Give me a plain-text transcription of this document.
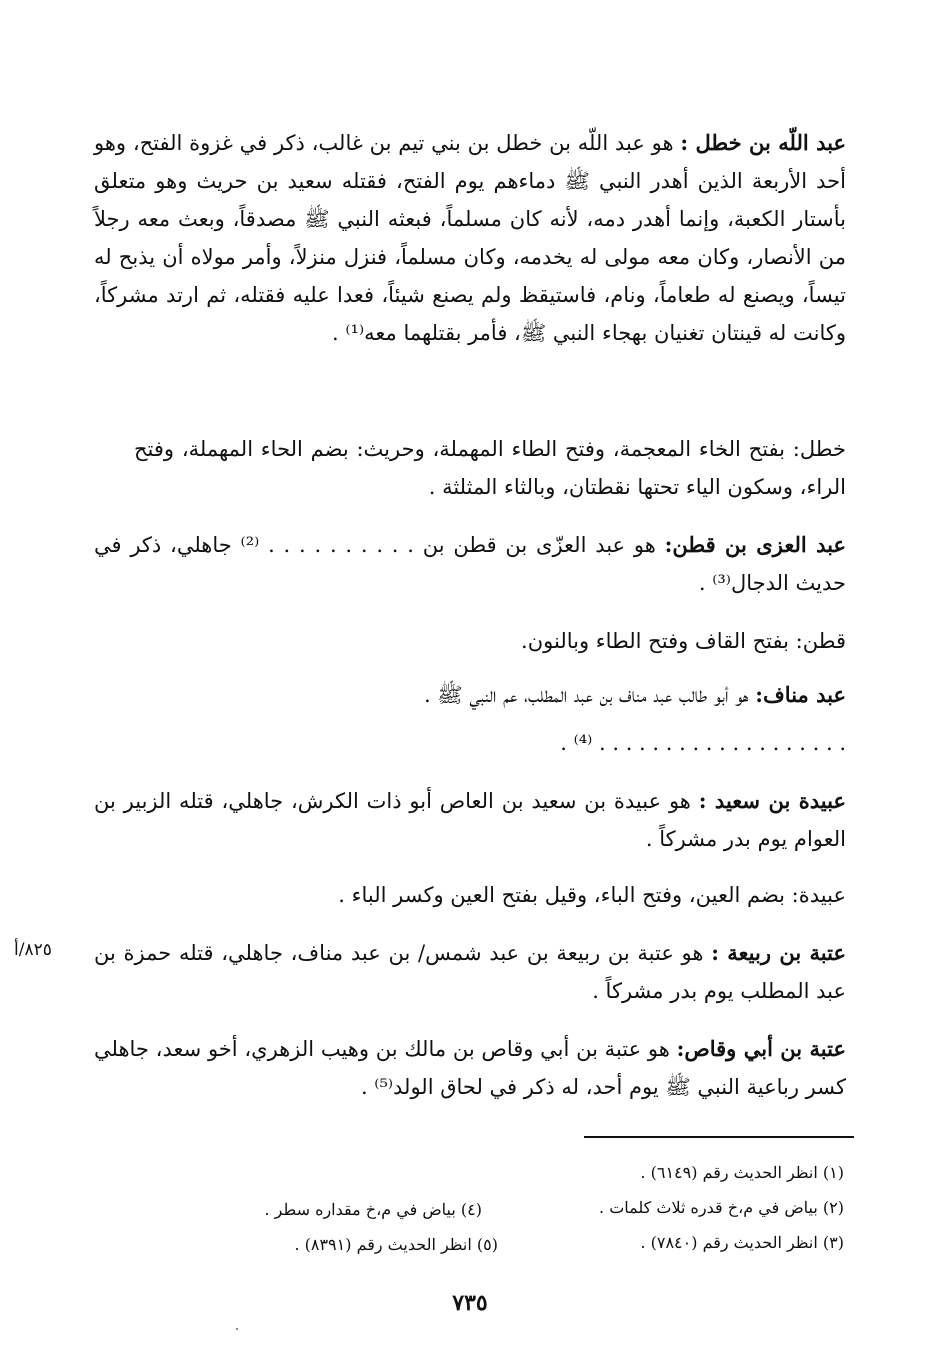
عبد اللّه بن خطل : هو عبد اللّه بن خطل بن بني تيم بن غالب، ذكر في غزوة الفتح، وهو أحد الأربعة الذين أهدر النبي ﷺ دماءهم يوم الفتح، فقتله سعيد بن حريث وهو متعلق بأستار الكعبة، وإنما أهدر دمه، لأنه كان مسلماً، فبعثه النبي ﷺ مصدقاً، وبعث معه رجلاً من الأنصار، وكان معه مولى له يخدمه، وكان مسلماً، فنزل منزلاً، وأمر مولاه أن يذبح له تيساً، ويصنع له طعاماً، ونام، فاستيقظ ولم يصنع شيئاً، فعدا عليه فقتله، ثم ارتد مشركاً، وكانت له قينتان تغنيان بهجاء النبي ﷺ، فأمر بقتلهما معه⁽¹⁾ .

خطل: بفتح الخاء المعجمة، وفتح الطاء المهملة، وحريث: بضم الحاء المهملة، وفتح الراء، وسكون الياء تحتها نقطتان، وبالثاء المثلثة .

عبد العزى بن قطن: هو عبد العزّى بن قطن بن . . . . . . . . . . ⁽²⁾ جاهلي، ذكر في حديث الدجال⁽³⁾ .

قطن: بفتح القاف وفتح الطاء وبالنون.

عبد مناف: هو أبو طالب عبد مناف بن عبد المطلب، عم النبي ﷺ .

. . . . . . . . . . . . . . . . . . . ⁽⁴⁾ .

عبيدة بن سعيد : هو عبيدة بن سعيد بن العاص أبو ذات الكرش، جاهلي، قتله الزبير بن العوام يوم بدر مشركاً .

عبيدة: بضم العين، وفتح الباء، وقيل بفتح العين وكسر الباء .

عتبة بن ربيعة : هو عتبة بن ربيعة بن عبد شمس/ بن عبد مناف، جاهلي، قتله حمزة بن عبد المطلب يوم بدر مشركاً .

عتبة بن أبي وقاص: هو عتبة بن أبي وقاص بن مالك بن وهيب الزهري، أخو سعد، جاهلي كسر رباعية النبي ﷺ يوم أحد، له ذكر في لحاق الولد⁽⁵⁾ .

٨٢٥/أ
(١) انظر الحديث رقم (٦١٤٩) .
(٢) بياض في م،خ قدره ثلاث كلمات .
(٣) انظر الحديث رقم (٧٨٤٠) .
(٤) بياض في م،خ مقداره سطر .
(٥) انظر الحديث رقم (٨٣٩١) .
٧٣٥
